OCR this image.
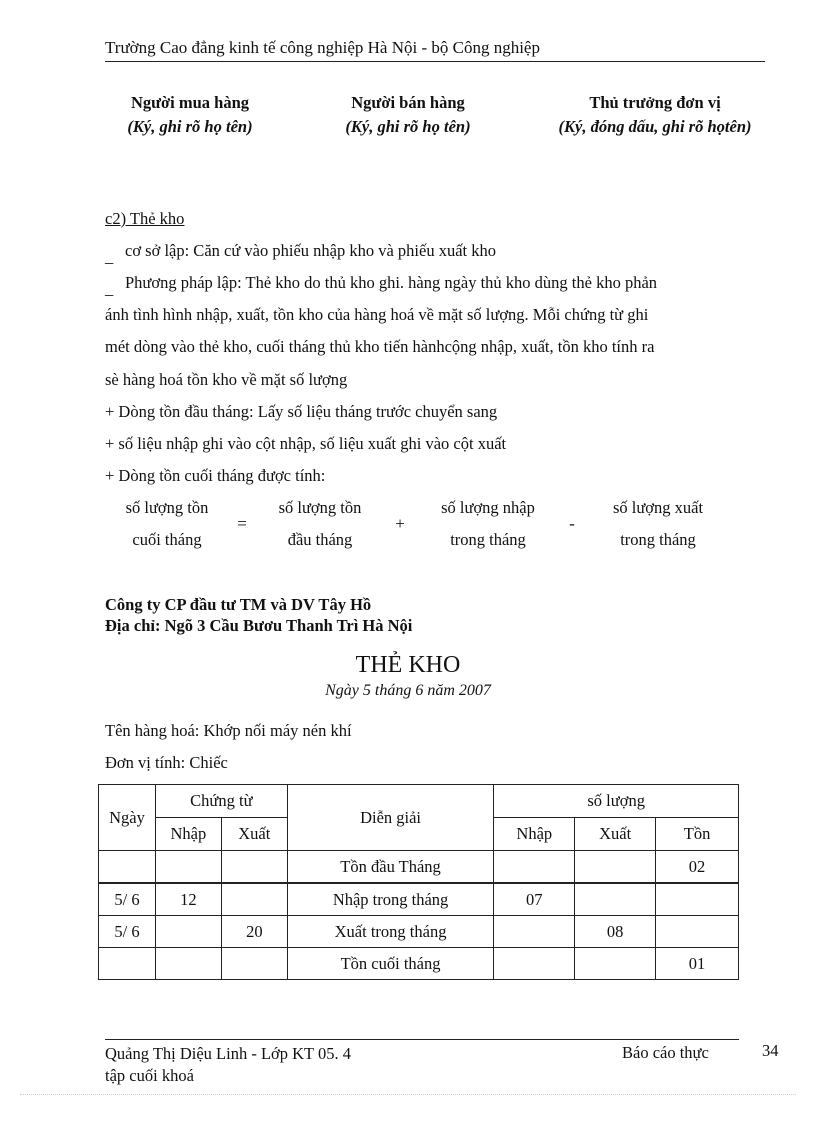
Trường Cao đẳng kinh tế công nghiệp Hà Nội - bộ Công nghiệp
Người mua hàng
(Ký, ghi rõ họ tên)
Người bán hàng
(Ký, ghi rõ họ tên)
Thủ trưởng đơn vị
(Ký, đóng dấu, ghi rõ họtên)
c2) Thẻ kho
_ cơ sở lập: Căn cứ vào phiếu nhập kho và phiếu xuất kho
_ Phương pháp lập: Thẻ kho do thủ kho ghi. hàng ngày thủ kho dùng thẻ kho phản
ánh tình hình nhập, xuất, tồn kho của hàng hoá về mặt số lượng. Mỗi chứng từ ghi
mét dòng vào thẻ kho, cuối tháng thủ kho tiến hànhcộng nhập, xuất, tồn kho tính ra
sè hàng hoá tồn kho về mặt số lượng
+ Dòng tồn đầu tháng: Lấy số liệu tháng trước chuyển sang
+ số liệu nhập ghi vào cột nhập, số liệu xuất ghi vào cột xuất
+ Dòng tồn cuối tháng được tính:
số lượng tồn
cuối tháng
=
số lượng tồn
đầu tháng
+
số lượng nhập
trong tháng
-
số lượng xuất
trong tháng
Công ty CP đầu tư TM và DV Tây Hồ
Địa chỉ: Ngõ 3 Cầu Bươu Thanh Trì Hà Nội
THẺ KHO
Ngày 5 tháng 6 năm 2007
Tên hàng hoá: Khớp nối máy nén khí
Đơn vị tính: Chiếc
Ngày	Chứng từ		Diễn giải	số lượng		
	Nhập	Xuất		Nhập	Xuất	Tồn
			Tồn đầu Tháng			02
5/ 6	12		Nhập trong tháng	07		
5/ 6		20	Xuất trong tháng		08	
			Tồn cuối tháng			01
Quảng Thị Diệu Linh - Lớp KT 05. 4
tập cuối khoá
Báo cáo thực	34
